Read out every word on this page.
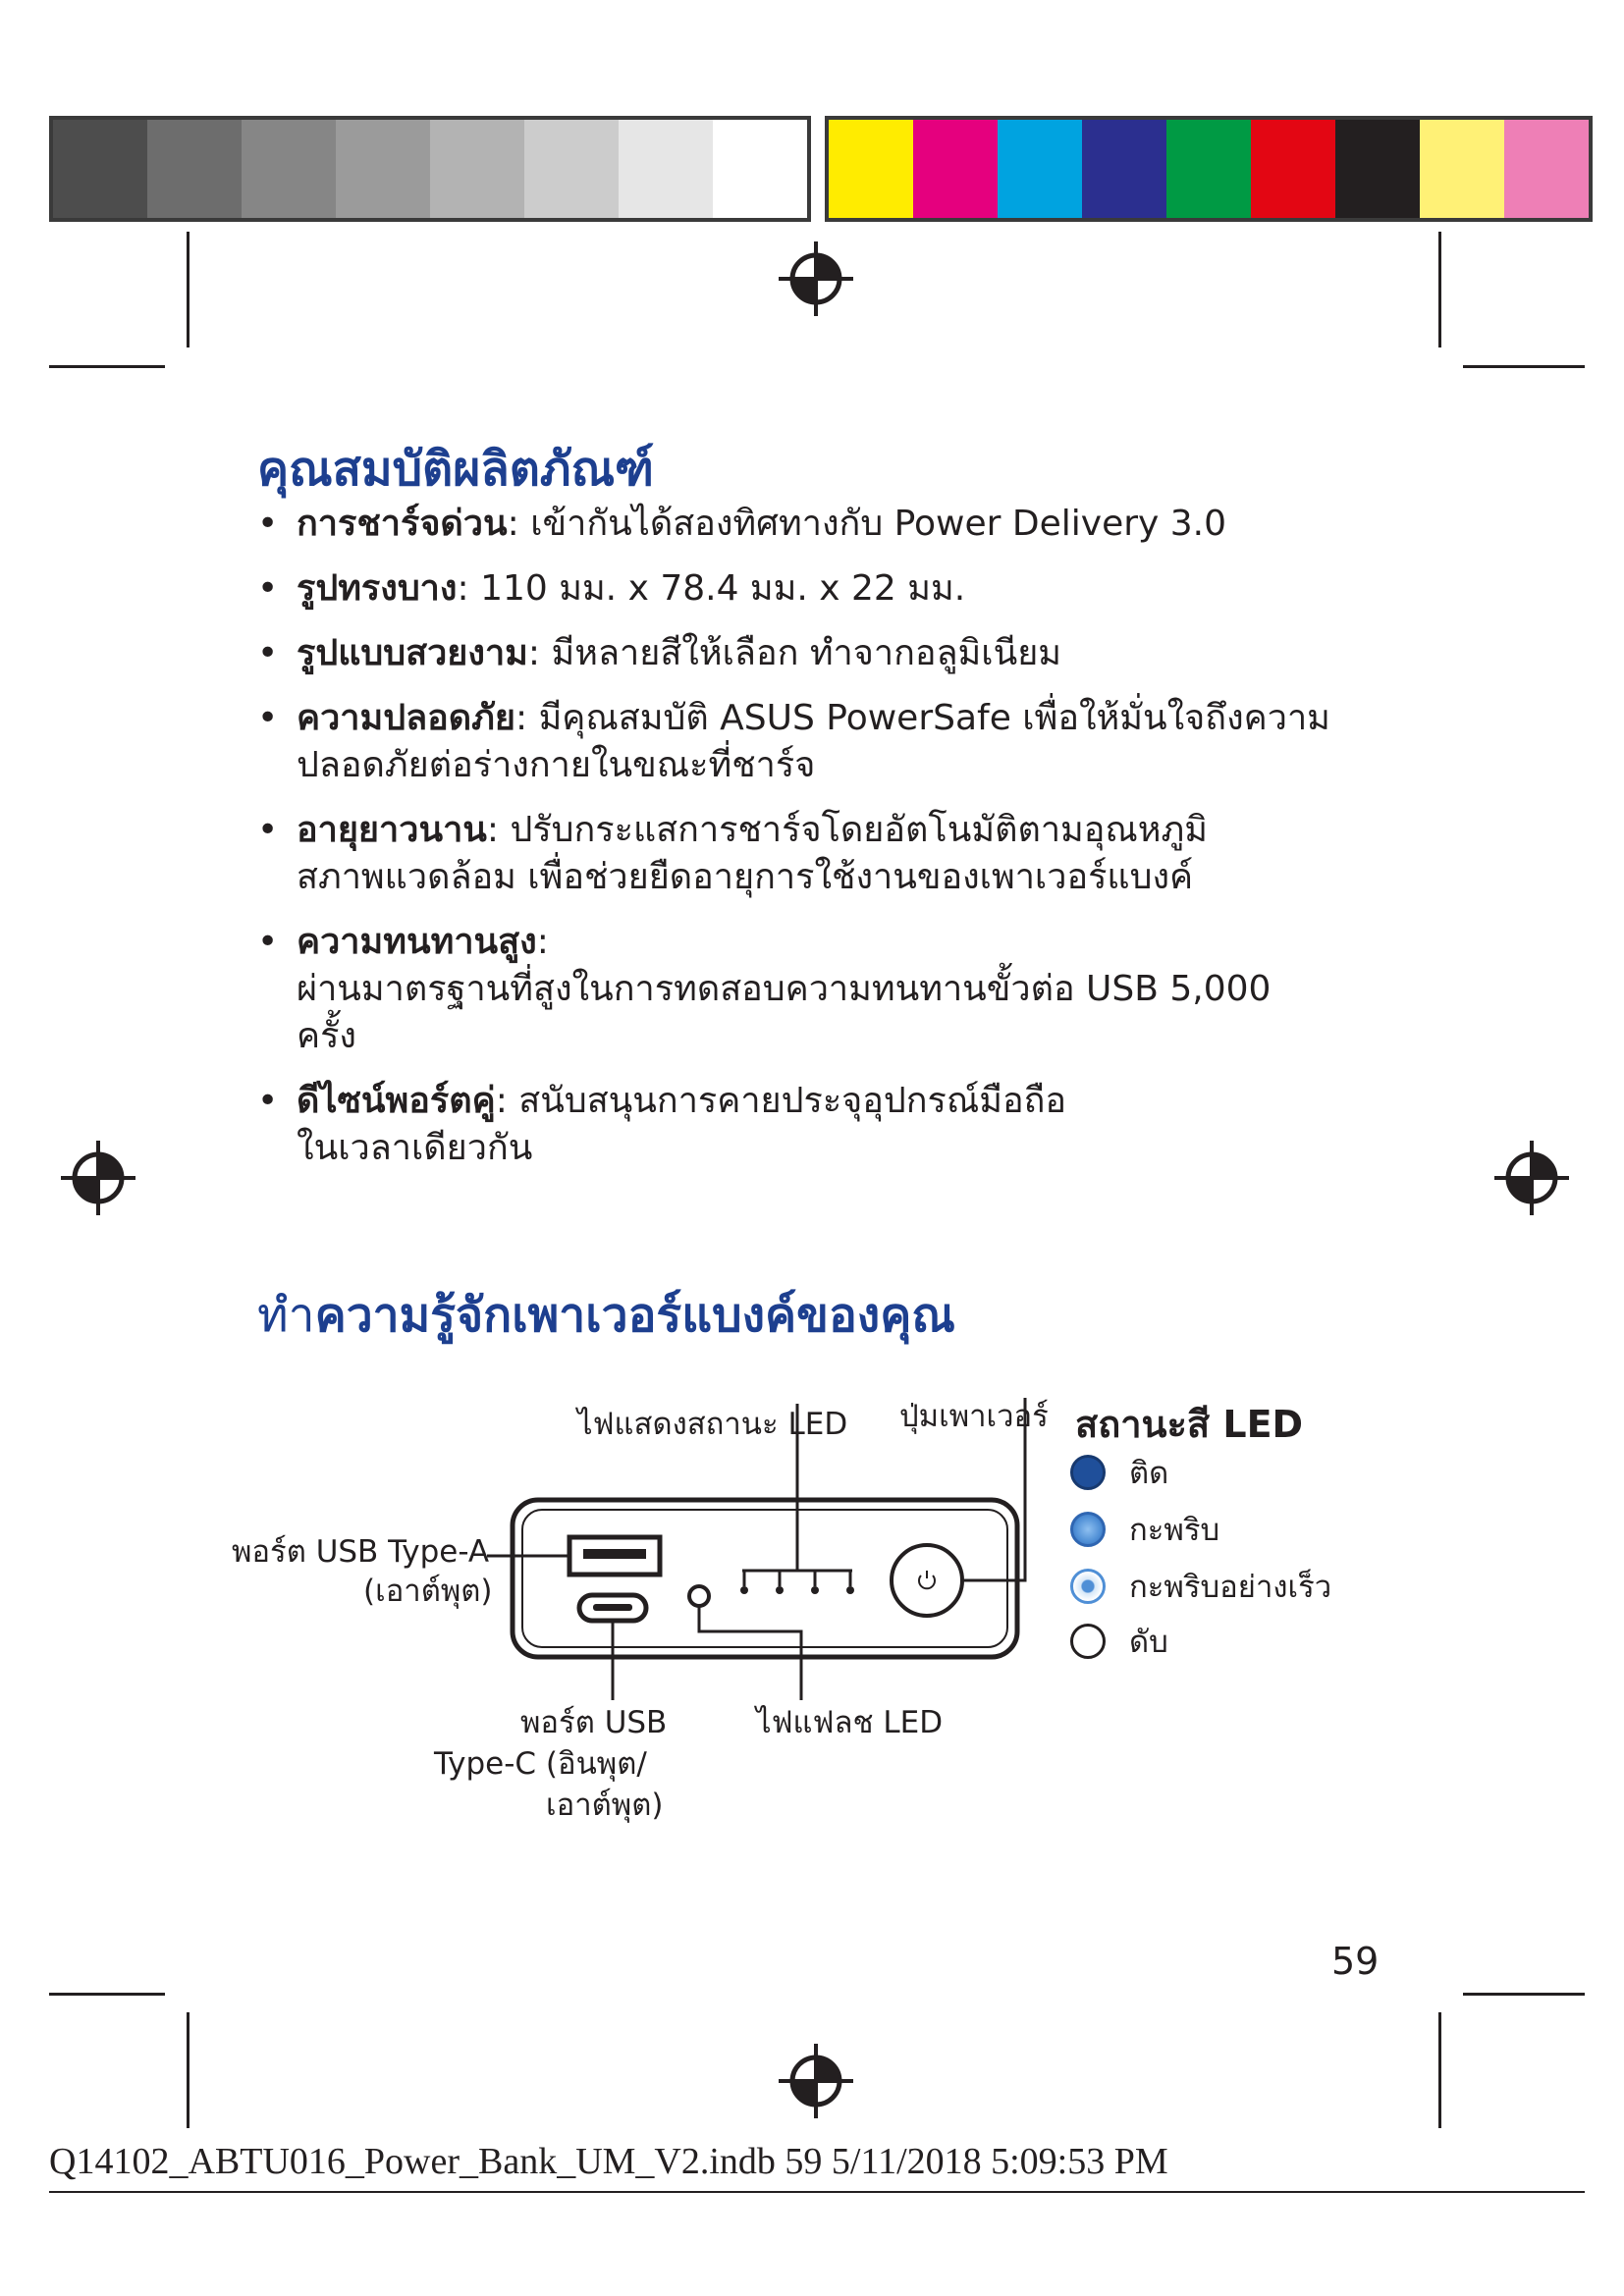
คุณสมบัติผลิตภัณฑ์
• การชาร์จด่วน: เข้ากันได้สองทิศทางกับ Power Delivery 3.0
• รูปทรงบาง: 110 มม. x 78.4 มม. x 22 มม.
• รูปแบบสวยงาม: มีหลายสีให้เลือก ทำจากอลูมิเนียม
• ความปลอดภัย: มีคุณสมบัติ ASUS PowerSafe เพื่อให้มั่นใจถึงความ
ปลอดภัยต่อร่างกายในขณะที่ชาร์จ
• อายุยาวนาน: ปรับกระแสการชาร์จโดยอัตโนมัติตามอุณหภูมิ
สภาพแวดล้อม เพื่อช่วยยืดอายุการใช้งานของเพาเวอร์แบงค์
• ความทนทานสูง:
ผ่านมาตรฐานที่สูงในการทดสอบความทนทานขั้วต่อ USB 5,000
ครั้ง
• ดีไซน์พอร์ตคู่: สนับสนุนการคายประจุอุปกรณ์มือถือ
ในเวลาเดียวกัน
ทำความรู้จักเพาเวอร์แบงค์ของคุณ
ไฟแสดงสถานะ LED ปุ่มเพาเวอร์
พอร์ต USB Type-A
(เอาต์พุต)
พอร์ต USB
Type-C (อินพุต/
เอาต์พุต)
ไฟแฟลช LED
สถานะสี LED
ติด
กะพริบ
กะพริบอย่างเร็ว
ดับ
59
Q14102_ABTU016_Power_Bank_UM_V2.indb 59 5/11/2018 5:09:53 PM
